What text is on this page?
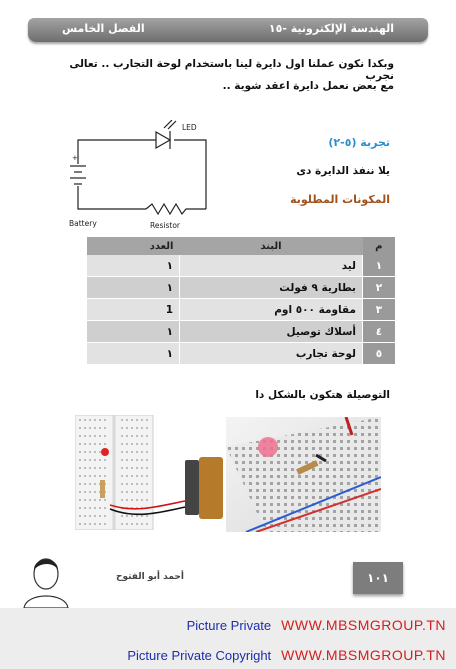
الهندسة الإلكترونية -١٥
الفصل الخامس
وبكدا نكون عملنا اول دايرة لينا باستخدام لوحة التجارب .. تعالى نجرب
مع بعض نعمل دايرة اعقد شوية ..
+
LED
Battery	Resistor
تجربة (٥-٢)
يلا ننفذ الدايرة دى
المكونات المطلوبة
م	البند	العدد
١	ليد	١
٢	بطارية ٩ فولت	١
٣	مقاومة ٥٠٠ اوم	1
٤	أسلاك توصيل	١
٥	لوحة تجارب	١
التوصيلة هتكون بالشكل دا
أحمد أبو الفتوح	١٠١
Picture Private WWW.MBSMGROUP.TN
Picture Private Copyright WWW.MBSMGROUP.TN
